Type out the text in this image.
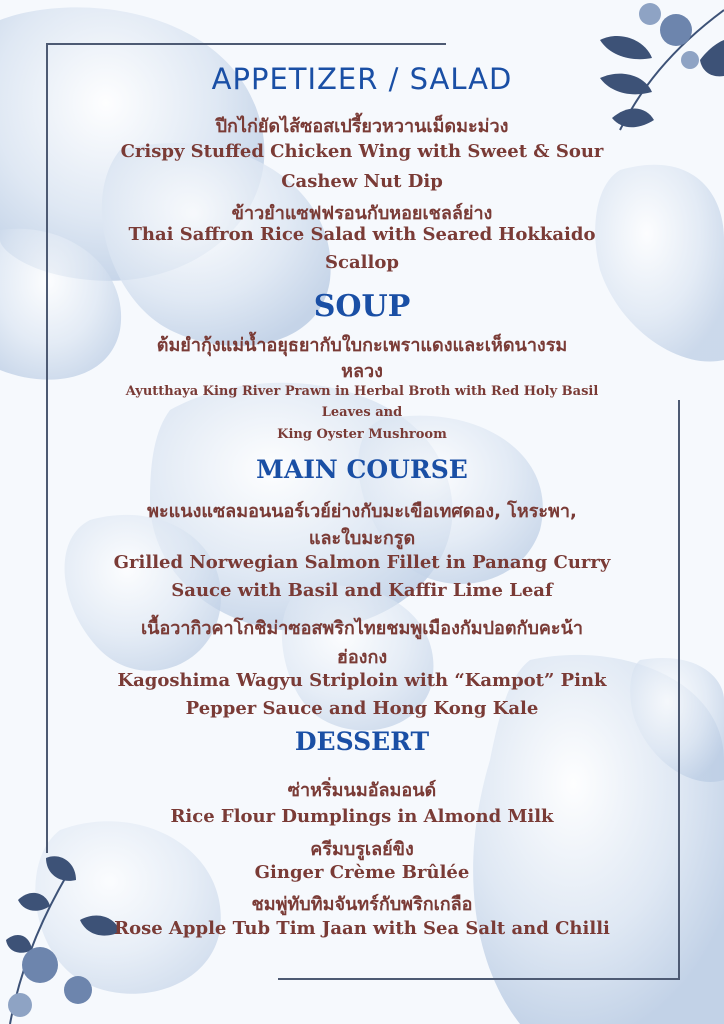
APPETIZER / SALAD
ปีกไก่ยัดไส้ซอสเปรี้ยวหวานเม็ดมะม่วง
Crispy Stuffed Chicken Wing with Sweet & Sour
Cashew Nut Dip
ข้าวยำแซฟฟรอนกับหอยเชลล์ย่าง
Thai Saffron Rice Salad with Seared Hokkaido
Scallop
SOUP
ต้มยำกุ้งแม่น้ำอยุธยากับใบกะเพราแดงและเห็ดนางรม
หลวง
Ayutthaya King River Prawn in Herbal Broth with Red Holy Basil
Leaves and
King Oyster Mushroom
MAIN COURSE
พะแนงแซลมอนนอร์เวย์ย่างกับมะเขือเทศดอง, โหระพา,
และใบมะกรูด
Grilled Norwegian Salmon Fillet in Panang Curry
Sauce with Basil and Kaffir Lime Leaf
เนื้อวากิวคาโกชิม่าซอสพริกไทยชมพูเมืองกัมปอตกับคะน้า
ฮ่องกง
Kagoshima Wagyu Striploin with “Kampot” Pink
Pepper Sauce and Hong Kong Kale
DESSERT
ซ่าหริ่มนมอัลมอนด์
Rice Flour Dumplings in Almond Milk
ครีมบรูเลย์ขิง
Ginger Crème Brûlée
ชมพู่ทับทิมจันทร์กับพริกเกลือ
Rose Apple Tub Tim Jaan with Sea Salt and Chilli
